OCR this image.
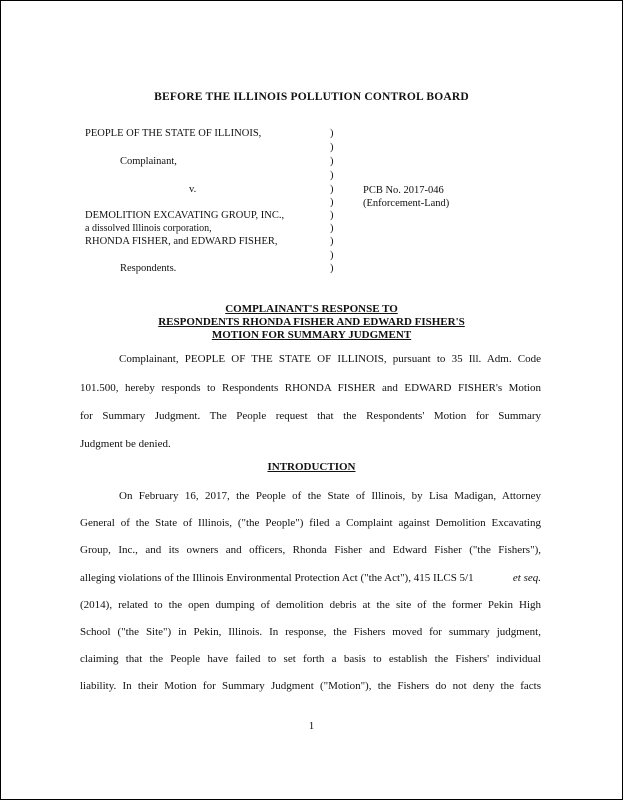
BEFORE THE ILLINOIS POLLUTION CONTROL BOARD
PEOPLE OF THE STATE OF ILLINOIS,
Complainant,
v.
DEMOLITION EXCAVATING GROUP, INC.,
a dissolved Illinois corporation,
RHONDA FISHER, and EDWARD FISHER,
Respondents.
)
)
)
)
)
)
)
)
)
)
)
PCB No. 2017-046
(Enforcement-Land)
COMPLAINANT'S RESPONSE TO
RESPONDENTS RHONDA FISHER AND EDWARD FISHER'S
MOTION FOR SUMMARY JUDGMENT
Complainant, PEOPLE OF THE STATE OF ILLINOIS, pursuant to 35 Ill. Adm. Code
101.500, hereby responds to Respondents RHONDA FISHER and EDWARD FISHER's Motion
for Summary Judgment. The People request that the Respondents' Motion for Summary
Judgment be denied.
INTRODUCTION
On February 16, 2017, the People of the State of Illinois, by Lisa Madigan, Attorney
General of the State of Illinois, ("the People") filed a Complaint against Demolition Excavating
Group, Inc., and its owners and officers, Rhonda Fisher and Edward Fisher ("the Fishers"),
alleging violations of the Illinois Environmental Protection Act ("the Act"), 415 ILCS 5/1	et seq.
(2014), related to the open dumping of demolition debris at the site of the former Pekin High
School ("the Site") in Pekin, Illinois. In response, the Fishers moved for summary judgment,
claiming that the People have failed to set forth a basis to establish the Fishers' individual
liability. In their Motion for Summary Judgment ("Motion"), the Fishers do not deny the facts
1
